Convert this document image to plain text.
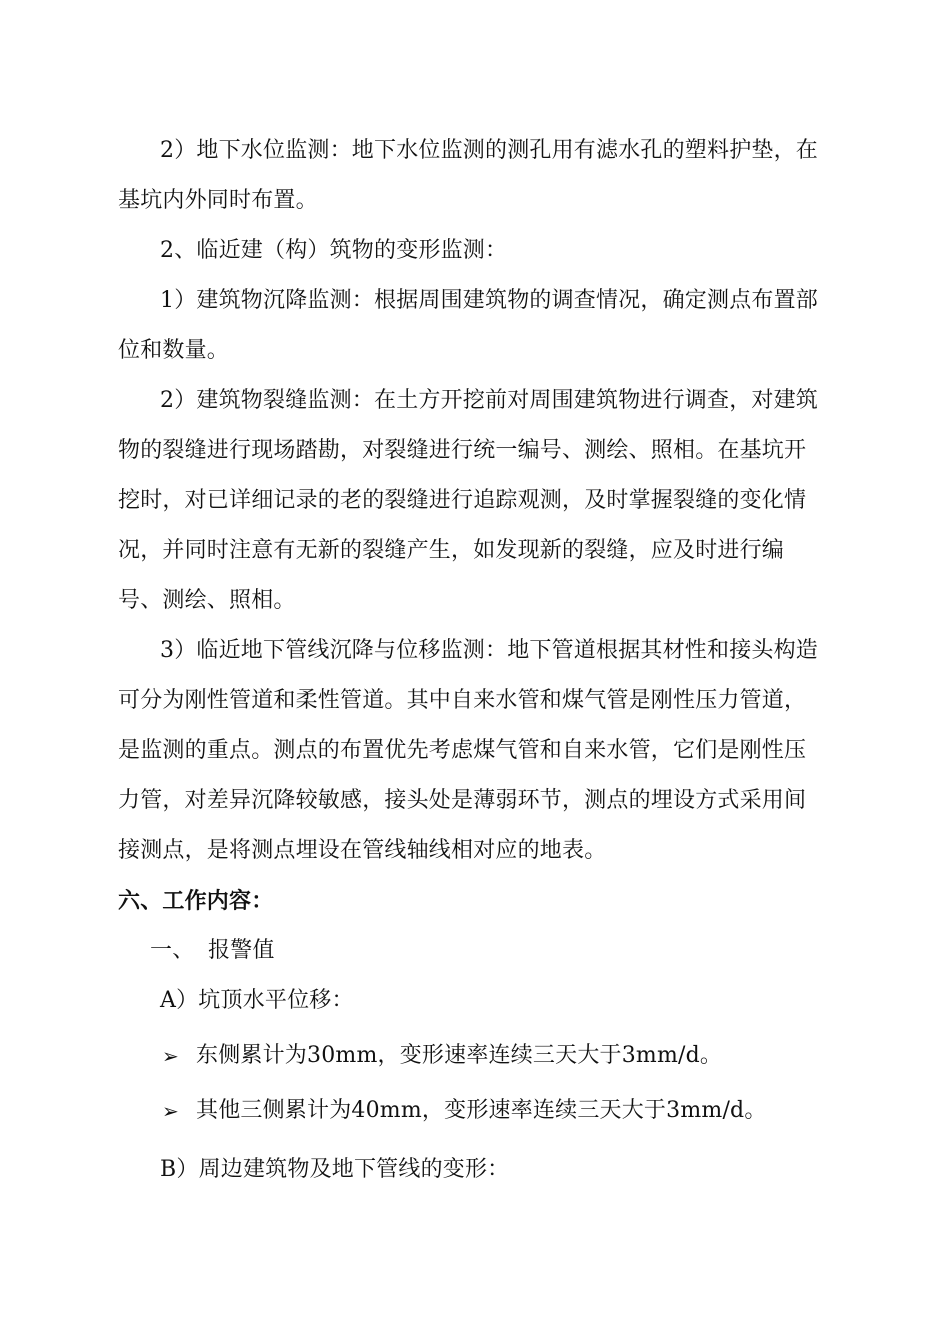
2）地下水位监测：地下水位监测的测孔用有滤水孔的塑料护垫，在
基坑内外同时布置。
2、临近建（构）筑物的变形监测：
1）建筑物沉降监测：根据周围建筑物的调查情况，确定测点布置部
位和数量。
2）建筑物裂缝监测：在土方开挖前对周围建筑物进行调查，对建筑
物的裂缝进行现场踏勘，对裂缝进行统一编号、测绘、照相。在基坑开
挖时，对已详细记录的老的裂缝进行追踪观测，及时掌握裂缝的变化情
况，并同时注意有无新的裂缝产生，如发现新的裂缝，应及时进行编
号、测绘、照相。
3）临近地下管线沉降与位移监测：地下管道根据其材性和接头构造
可分为刚性管道和柔性管道。其中自来水管和煤气管是刚性压力管道，
是监测的重点。测点的布置优先考虑煤气管和自来水管，它们是刚性压
力管，对差异沉降较敏感，接头处是薄弱环节，测点的埋设方式采用间
接测点，是将测点埋设在管线轴线相对应的地表。
六、工作内容：
一、 报警值
A）坑顶水平位移：
➢ 东侧累计为30mm，变形速率连续三天大于3mm/d。
➢ 其他三侧累计为40mm，变形速率连续三天大于3mm/d。
B）周边建筑物及地下管线的变形：
